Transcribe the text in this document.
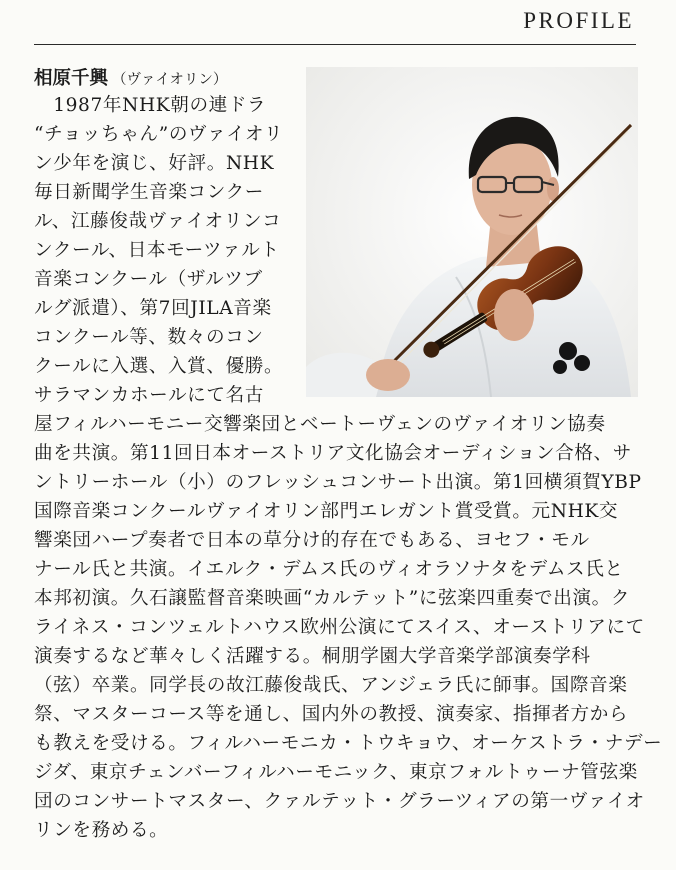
PROFILE
相原千興 （ヴァイオリン）
　1987年NHK朝の連ドラ
“チョッちゃん”のヴァイオリ
ン少年を演じ、好評。NHK
毎日新聞学生音楽コンクー
ル、江藤俊哉ヴァイオリンコ
ンクール、日本モーツァルト
音楽コンクール（ザルツブ
ルグ派遣）、第7回JILA音楽
コンクール等、数々のコン
クールに入選、入賞、優勝。
サラマンカホールにて名古
屋フィルハーモニー交響楽団とベートーヴェンのヴァイオリン協奏
曲を共演。第11回日本オーストリア文化協会オーディション合格、サ
ントリーホール（小）のフレッシュコンサート出演。第1回横須賀YBP
国際音楽コンクールヴァイオリン部門エレガント賞受賞。元NHK交
響楽団ハープ奏者で日本の草分け的存在でもある、ヨセフ・モル
ナール氏と共演。イエルク・デムス氏のヴィオラソナタをデムス氏と
本邦初演。久石譲監督音楽映画“カルテット”に弦楽四重奏で出演。ク
ライネス・コンツェルトハウス欧州公演にてスイス、オーストリアにて
演奏するなど華々しく活躍する。桐朋学園大学音楽学部演奏学科
（弦）卒業。同学長の故江藤俊哉氏、アンジェラ氏に師事。国際音楽
祭、マスターコース等を通し、国内外の教授、演奏家、指揮者方から
も教えを受ける。フィルハーモニカ・トウキョウ、オーケストラ・ナデー
ジダ、東京チェンバーフィルハーモニック、東京フォルトゥーナ管弦楽
団のコンサートマスター、クァルテット・グラーツィアの第一ヴァイオ
リンを務める。
